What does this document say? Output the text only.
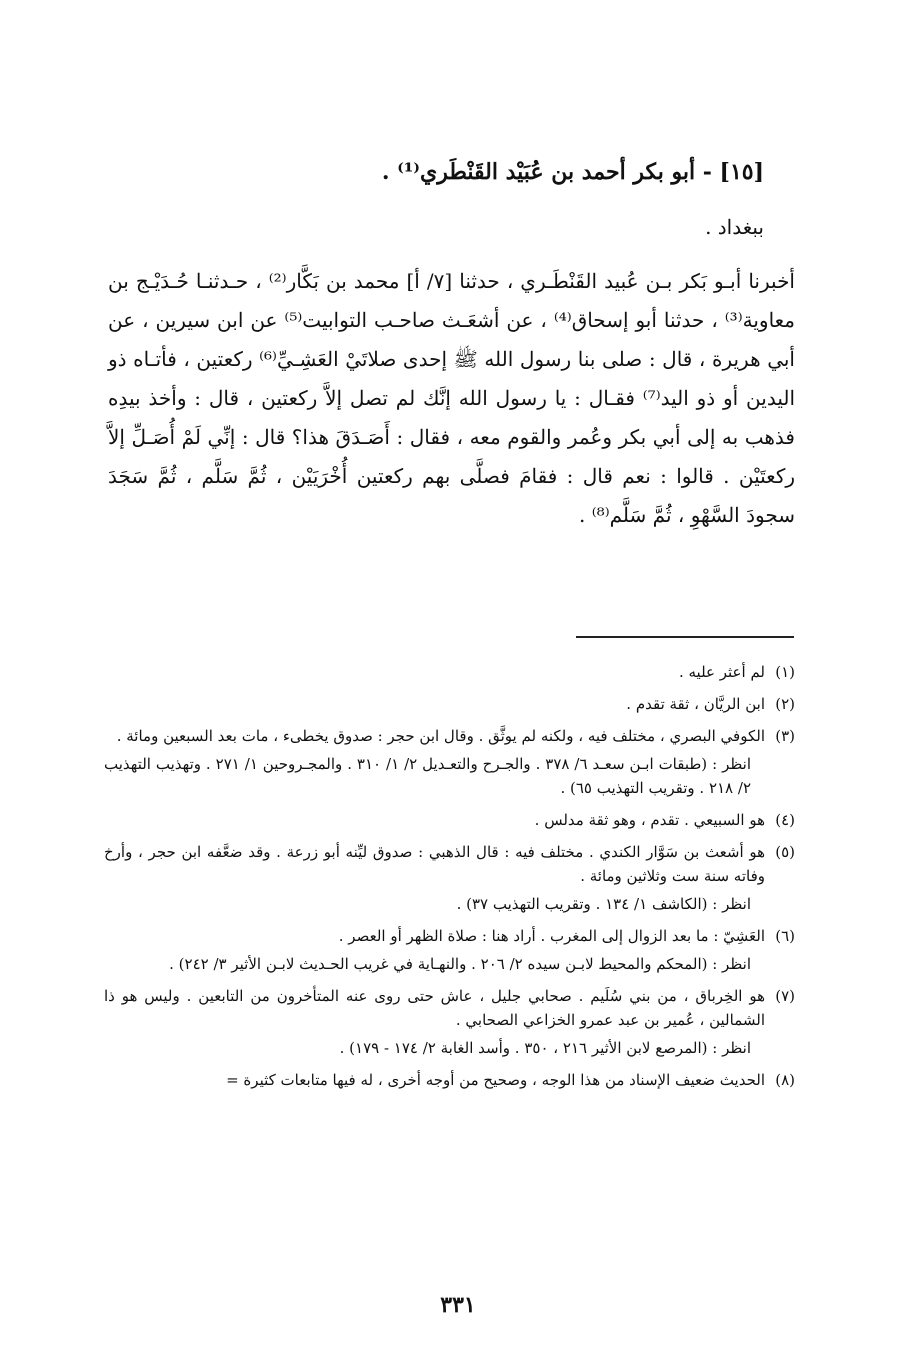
[١٥] - أبو بكر أحمد بن عُبَيْد القَنْطَري⁽¹⁾ .
ببغداد .

أخبرنا أبـو بَكر بـن عُبيد القَنْطَـري ، حدثنا [٧/ أ] محمد بن بَكَّار⁽²⁾ ، حـدثنـا حُـدَيْـج بن معاوية⁽³⁾ ، حدثنا أبو إسحاق⁽⁴⁾ ، عن أشعَـث صاحـب التوابيت⁽⁵⁾ عن ابن سيرين ، عن أبي هريرة ، قال : صلى بنا رسول الله ﷺ إحدى صلاتَيْ العَشِـيِّ⁽⁶⁾ ركعتين ، فأتـاه ذو اليدين أو ذو اليد⁽⁷⁾ فقـال : يا رسول الله إنَّك لم تصل إلاَّ ركعتين ، قال : وأخذ بيدِه فذهب به إلى أبي بكر وعُمر والقوم معه ، فقال : أَصَـدَقَ هذا؟ قال : إنِّي لَمْ أُصَـلِّ إلاَّ ركعتَيْن . قالوا : نعم قال : فقامَ فصلَّى بهم ركعتين أُخْرَيَيْن ، ثُمَّ سَلَّم ، ثُمَّ سَجَدَ سجودَ السَّهْوِ ، ثُمَّ سَلَّم⁽⁸⁾ .

(١)

لم أعثر عليه .

(٢)

ابن الريَّان ، ثقة تقدم .

(٣)

الكوفي البصري ، مختلف فيه ، ولكنه لم يوثَّق . وقال ابن حجر : صدوق يخطىء ، مات بعد السبعين ومائة .

انظر : (طبقات ابـن سعـد ٦/ ٣٧٨ . والجـرح والتعـديل ٢/ ١/ ٣١٠ . والمجـروحين ١/ ٢٧١ . وتهذيب التهذيب ٢/ ٢١٨ . وتقريب التهذيب ٦٥) .

(٤)

هو السبيعي . تقدم ، وهو ثقة مدلس .

(٥)

هو أشعث بن سَوَّار الكندي . مختلف فيه : قال الذهبي : صدوق ليِّنه أبو زرعة . وقد ضعَّفه ابن حجر ، وأرخ وفاته سنة ست وثلاثين ومائة .

انظر : (الكاشف ١/ ١٣٤ . وتقريب التهذيب ٣٧) .

(٦)

العَشِيّ : ما بعد الزوال إلى المغرب . أراد هنا : صلاة الظهر أو العصر .

انظر : (المحكم والمحيط لابـن سيده ٢/ ٢٠٦ . والنهـاية في غريب الحـديث لابـن الأثير ٣/ ٢٤٢) .

(٧)

هو الخِرباق ، من بني سُلَيم . صحابي جليل ، عاش حتى روى عنه المتأخرون من التابعين . وليس هو ذا الشمالين ، عُمير بن عبد عمرو الخزاعي الصحابي .

انظر : (المرصع لابن الأثير ٢١٦ ، ٣٥٠ . وأسد الغابة ٢/ ١٧٤ - ١٧٩) .

(٨)

الحديث ضعيف الإسناد من هذا الوجه ، وصحيح من أوجه أخرى ، له فيها متابعات كثيرة =

٣٣١
